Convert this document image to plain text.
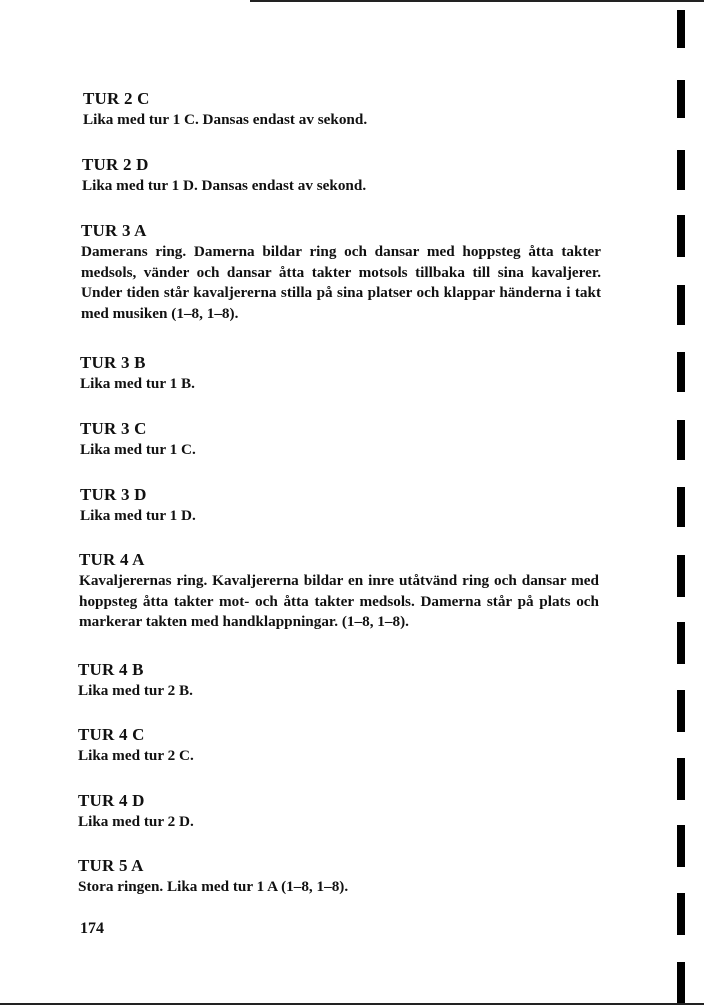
TUR 2 C

Lika med tur 1 C. Dansas endast av sekond.

TUR 2 D

Lika med tur 1 D. Dansas endast av sekond.

TUR 3 A

Damerans ring. Damerna bildar ring och dansar med hoppsteg åtta takter medsols, vänder och dansar åtta takter motsols tillbaka till sina kavaljerer. Under tiden står kavaljererna stilla på sina platser och klappar händerna i takt med musiken (1–8, 1–8).

TUR 3 B

Lika med tur 1 B.

TUR 3 C

Lika med tur 1 C.

TUR 3 D

Lika med tur 1 D.

TUR 4 A

Kavaljerernas ring. Kavaljererna bildar en inre utåtvänd ring och dansar med hoppsteg åtta takter mot- och åtta takter medsols. Damerna står på plats och markerar takten med handklappningar. (1–8, 1–8).

TUR 4 B

Lika med tur 2 B.

TUR 4 C

Lika med tur 2 C.

TUR 4 D

Lika med tur 2 D.

TUR 5 A

Stora ringen. Lika med tur 1 A (1–8, 1–8).

174
